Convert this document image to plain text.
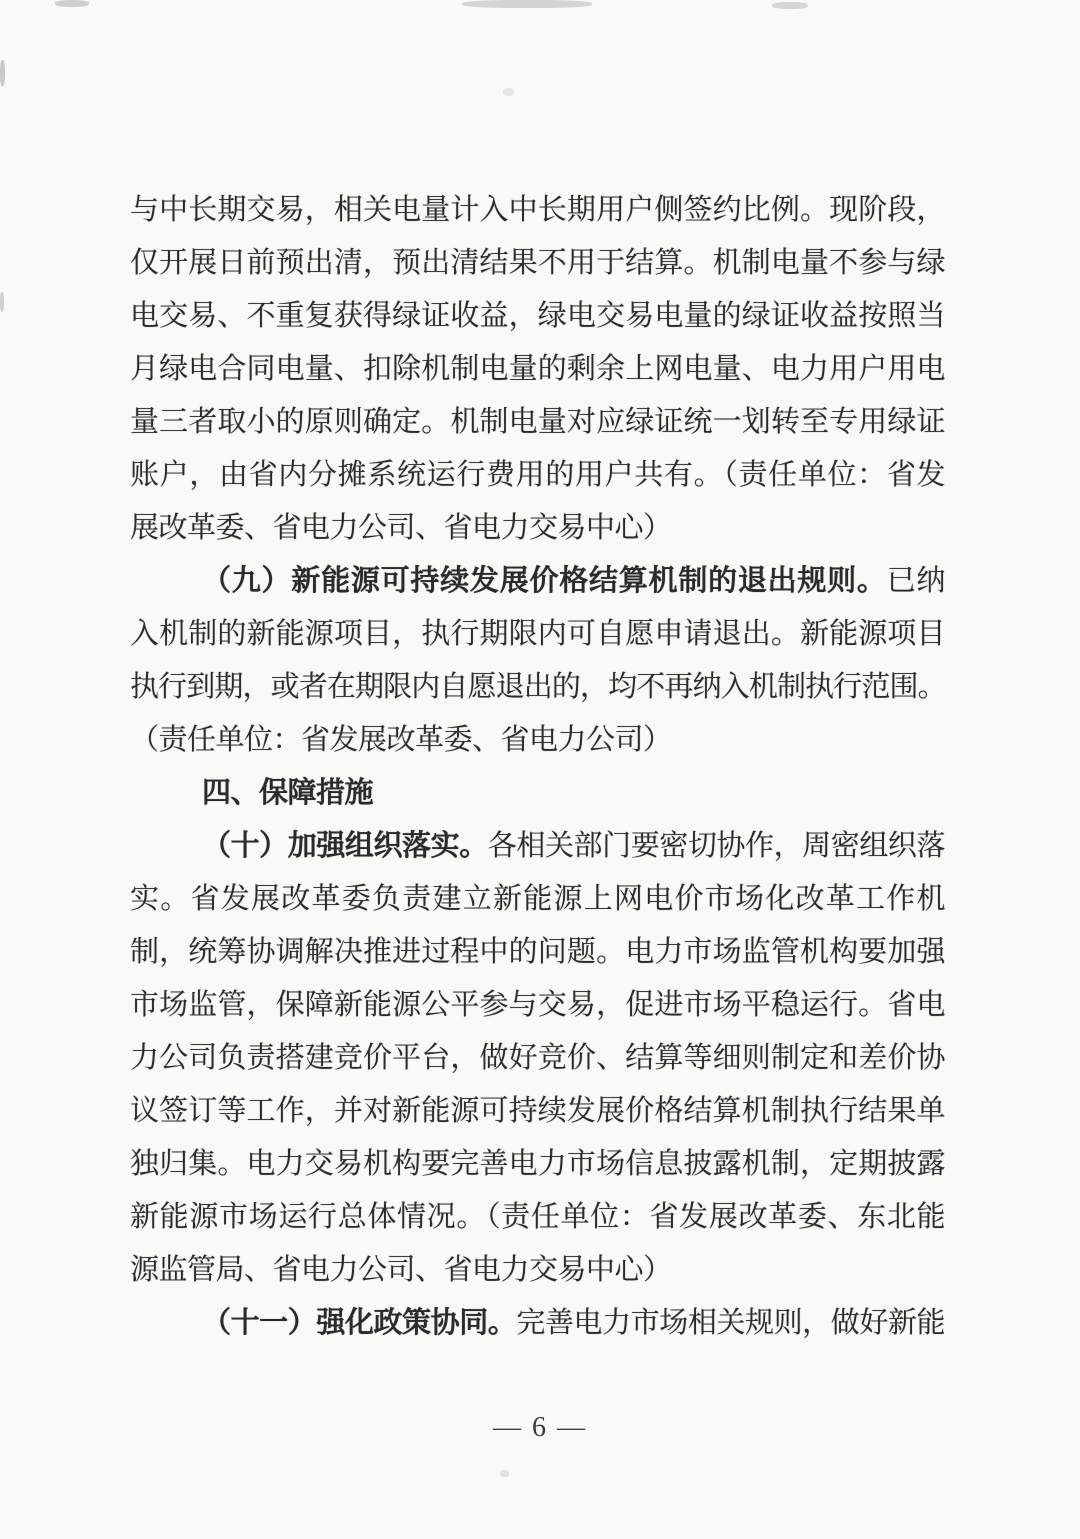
与中长期交易，相关电量计入中长期用户侧签约比例。现阶段，
仅开展日前预出清，预出清结果不用于结算。机制电量不参与绿
电交易、不重复获得绿证收益，绿电交易电量的绿证收益按照当
月绿电合同电量、扣除机制电量的剩余上网电量、电力用户用电
量三者取小的原则确定。机制电量对应绿证统一划转至专用绿证
账户，由省内分摊系统运行费用的用户共有。（责任单位：省发
展改革委、省电力公司、省电力交易中心）
（九）新能源可持续发展价格结算机制的退出规则。已纳
入机制的新能源项目，执行期限内可自愿申请退出。新能源项目
执行到期，或者在期限内自愿退出的，均不再纳入机制执行范围。
（责任单位：省发展改革委、省电力公司）
四、保障措施
（十）加强组织落实。各相关部门要密切协作，周密组织落
实。省发展改革委负责建立新能源上网电价市场化改革工作机
制，统筹协调解决推进过程中的问题。电力市场监管机构要加强
市场监管，保障新能源公平参与交易，促进市场平稳运行。省电
力公司负责搭建竞价平台，做好竞价、结算等细则制定和差价协
议签订等工作，并对新能源可持续发展价格结算机制执行结果单
独归集。电力交易机构要完善电力市场信息披露机制，定期披露
新能源市场运行总体情况。（责任单位：省发展改革委、东北能
源监管局、省电力公司、省电力交易中心）
（十一）强化政策协同。完善电力市场相关规则，做好新能
— 6 —
